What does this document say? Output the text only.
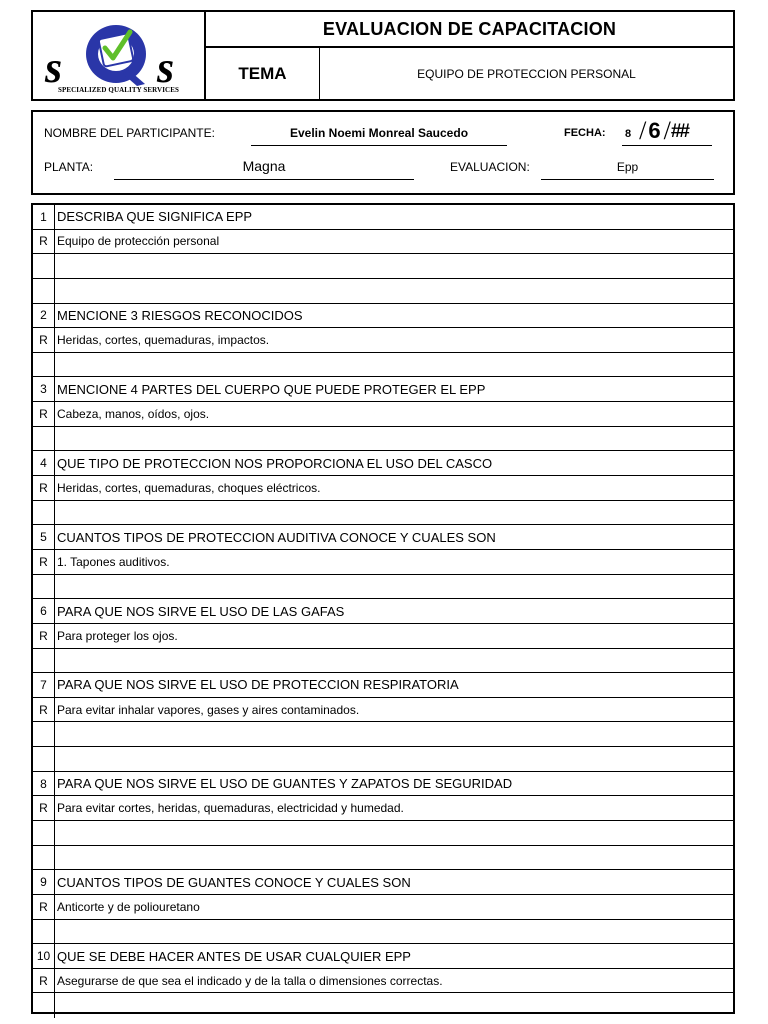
s s
SPECIALIZED QUALITY SERVICES
EVALUACION DE CAPACITACION
TEMA	EQUIPO DE PROTECCION PERSONAL
NOMBRE DEL PARTICIPANTE:	Evelin Noemi Monreal Saucedo	FECHA: 8 / 6 / ##
PLANTA:	Magna	EVALUACION:	Epp
1 DESCRIBA QUE SIGNIFICA EPP
R Equipo de protección personal
2 MENCIONE 3 RIESGOS RECONOCIDOS
R Heridas, cortes, quemaduras, impactos.
3 MENCIONE 4 PARTES DEL CUERPO QUE PUEDE PROTEGER EL EPP
R Cabeza, manos, oídos, ojos.
4 QUE TIPO DE PROTECCION NOS PROPORCIONA EL USO DEL CASCO
R Heridas, cortes, quemaduras, choques eléctricos.
5 CUANTOS TIPOS DE PROTECCION AUDITIVA CONOCE Y CUALES SON
R 1. Tapones auditivos.
6 PARA QUE NOS SIRVE EL USO DE LAS GAFAS
R Para proteger los ojos.
7 PARA QUE NOS SIRVE EL USO DE PROTECCION RESPIRATORIA
R Para evitar inhalar vapores, gases y aires contaminados.
8 PARA QUE NOS SIRVE EL USO DE GUANTES Y ZAPATOS DE SEGURIDAD
R Para evitar cortes, heridas, quemaduras, electricidad y humedad.
9 CUANTOS TIPOS DE GUANTES CONOCE Y CUALES SON
R Anticorte y de poliouretano
10 QUE SE DEBE HACER ANTES DE USAR CUALQUIER EPP
R Asegurarse de que sea el indicado y de la talla o dimensiones correctas.
